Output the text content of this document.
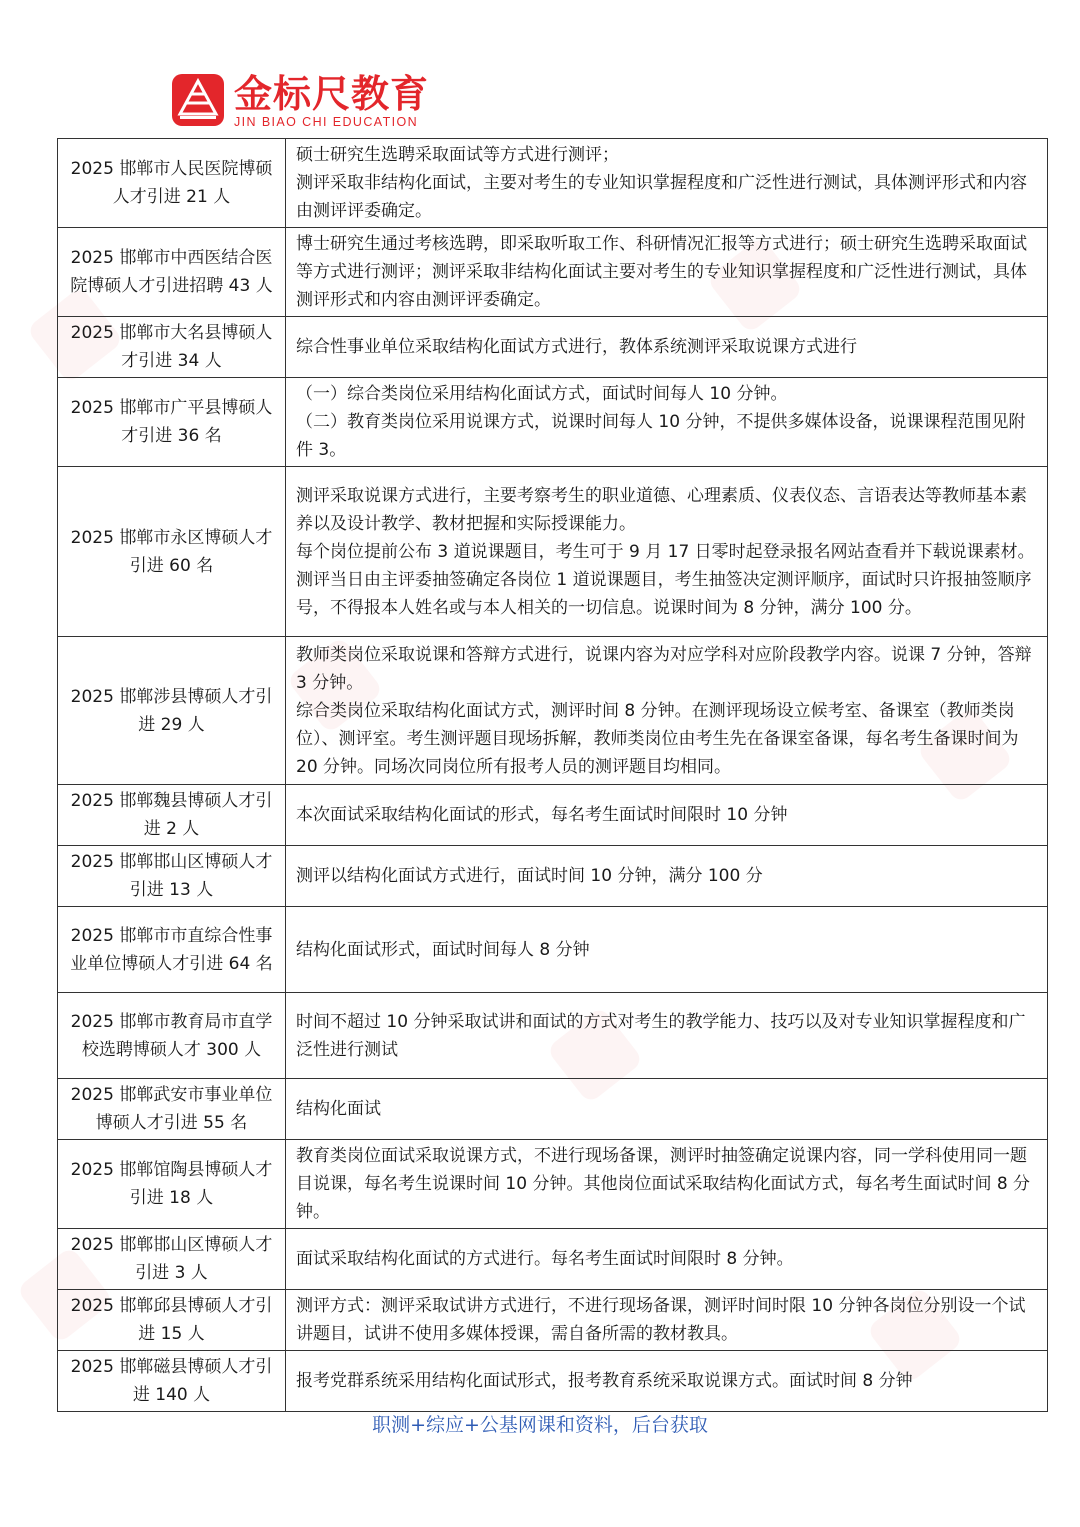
金标尺教育
JIN BIAO CHI EDUCATION
2025 邯郸市人民医院博硕人才引进 21 人	硕士研究生选聘采取面试等方式进行测评；
测评采取非结构化面试，主要对考生的专业知识掌握程度和广泛性进行测试，具体测评形式和内容由测评评委确定。

2025 邯郸市中西医结合医院博硕人才引进招聘 43 人	博士研究生通过考核选聘，即采取听取工作、科研情况汇报等方式进行；硕士研究生选聘采取面试等方式进行测评；测评采取非结构化面试主要对考生的专业知识掌握程度和广泛性进行测试，具体测评形式和内容由测评评委确定。

2025 邯郸市大名县博硕人才引进 34 人	综合性事业单位采取结构化面试方式进行，教体系统测评采取说课方式进行

2025 邯郸市广平县博硕人才引进 36 名	（一）综合类岗位采用结构化面试方式，面试时间每人 10 分钟。
（二）教育类岗位采用说课方式，说课时间每人 10 分钟，不提供多媒体设备，说课课程范围见附件 3。

2025 邯郸市永区博硕人才引进 60 名	测评采取说课方式进行，主要考察考生的职业道德、心理素质、仪表仪态、言语表达等教师基本素养以及设计教学、教材把握和实际授课能力。
每个岗位提前公布 3 道说课题目，考生可于 9 月 17 日零时起登录报名网站查看并下载说课素材。测评当日由主评委抽签确定各岗位 1 道说课题目，考生抽签决定测评顺序，面试时只许报抽签顺序号，不得报本人姓名或与本人相关的一切信息。说课时间为 8 分钟，满分 100 分。

2025 邯郸涉县博硕人才引进 29 人	教师类岗位采取说课和答辩方式进行，说课内容为对应学科对应阶段教学内容。说课 7 分钟，答辩 3 分钟。
综合类岗位采取结构化面试方式，测评时间 8 分钟。在测评现场设立候考室、备课室（教师类岗位）、测评室。考生测评题目现场拆解，教师类岗位由考生先在备课室备课，每名考生备课时间为 20 分钟。同场次同岗位所有报考人员的测评题目均相同。

2025 邯郸魏县博硕人才引进 2 人	本次面试采取结构化面试的形式，每名考生面试时间限时 10 分钟

2025 邯郸邯山区博硕人才引进 13 人	测评以结构化面试方式进行，面试时间 10 分钟，满分 100 分

2025 邯郸市市直综合性事业单位博硕人才引进 64 名	结构化面试形式，面试时间每人 8 分钟

2025 邯郸市教育局市直学校选聘博硕人才 300 人	时间不超过 10 分钟采取试讲和面试的方式对考生的教学能力、技巧以及对专业知识掌握程度和广泛性进行测试

2025 邯郸武安市事业单位博硕人才引进 55 名	结构化面试

2025 邯郸馆陶县博硕人才引进 18 人	教育类岗位面试采取说课方式，不进行现场备课，测评时抽签确定说课内容，同一学科使用同一题目说课，每名考生说课时间 10 分钟。其他岗位面试采取结构化面试方式，每名考生面试时间 8 分钟。

2025 邯郸邯山区博硕人才引进 3 人	面试采取结构化面试的方式进行。每名考生面试时间限时 8 分钟。

2025 邯郸邱县博硕人才引进 15 人	测评方式：测评采取试讲方式进行，不进行现场备课，测评时间时限 10 分钟各岗位分别设一个试讲题目，试讲不使用多媒体授课，需自备所需的教材教具。

2025 邯郸磁县博硕人才引进 140 人	报考党群系统采用结构化面试形式，报考教育系统采取说课方式。面试时间 8 分钟
职测+综应+公基网课和资料，后台获取
